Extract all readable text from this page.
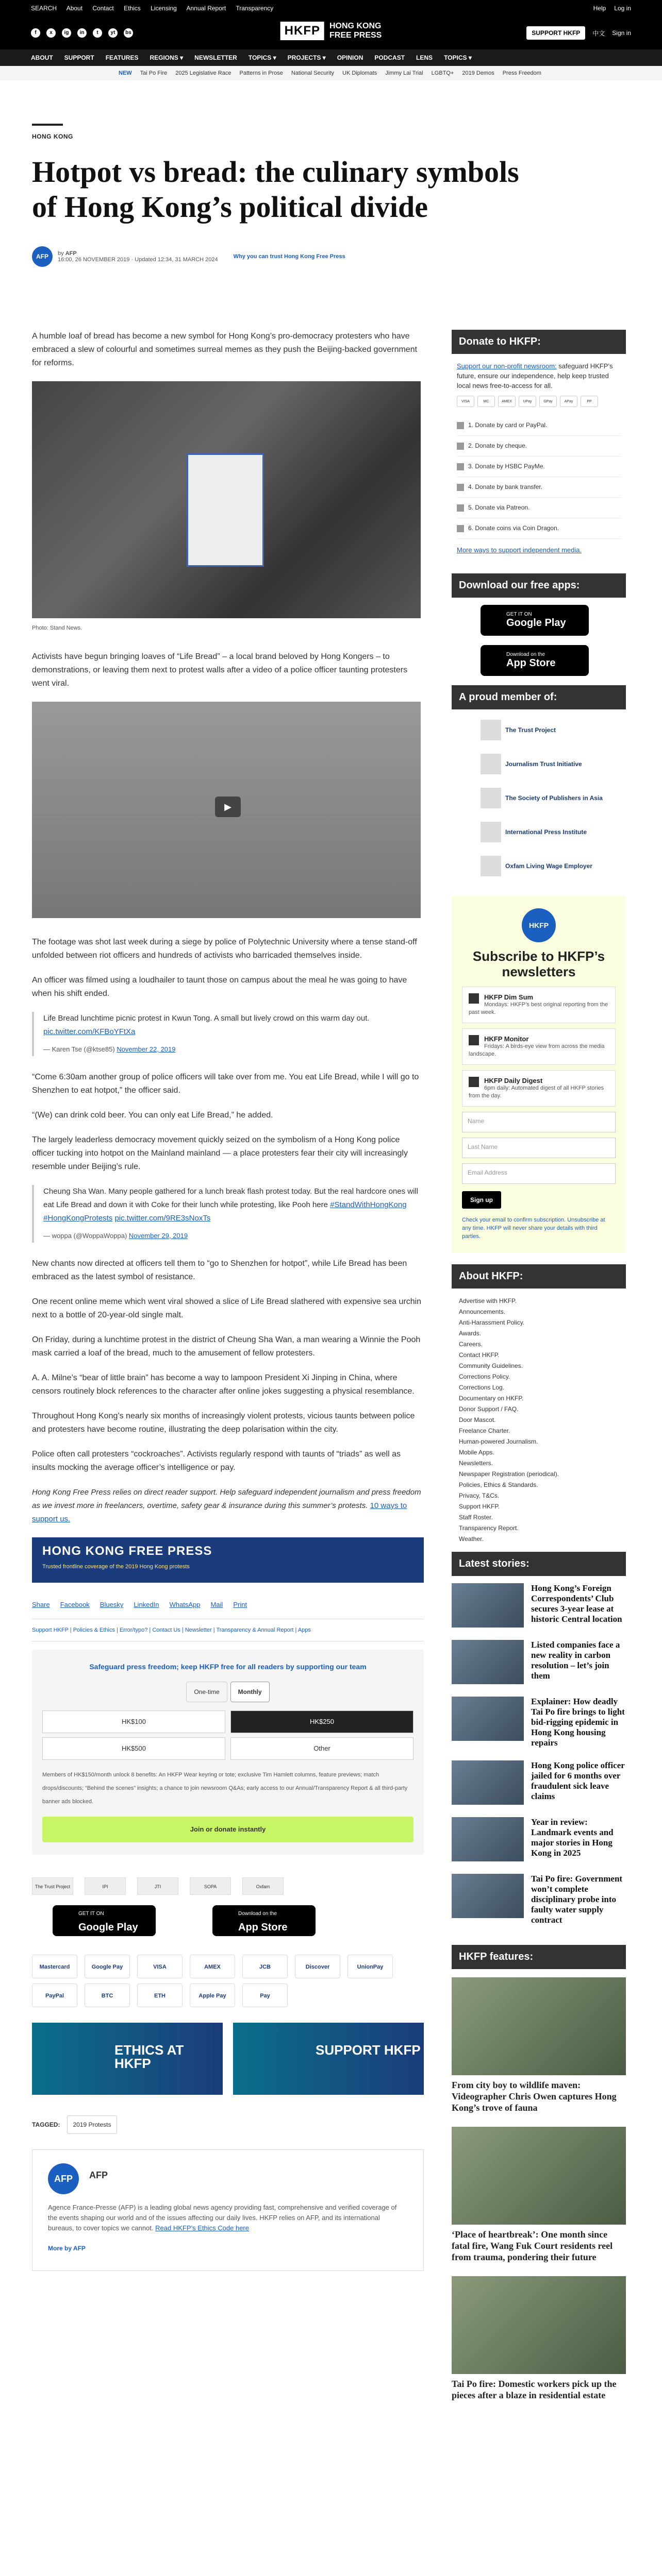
SEARCH About Contact Ethics Licensing Annual Report Transparency	Help Log in
f	x	ig	in	t	yt	bs	HKFP	HONG KONG
FREE PRESS	SUPPORT HKFP	中文 Sign in
ABOUT SUPPORT FEATURES REGIONS ▾ NEWSLETTER TOPICS ▾ PROJECTS ▾ OPINION PODCAST LENS TOPICS ▾
NEW Tai Po Fire 2025 Legislative Race Patterns in Prose National Security UK Diplomats Jimmy Lai Trial LGBTQ+ 2019 Demos Press Freedom
HONG KONG
Hotpot vs bread: the culinary symbols of Hong Kong’s political divide
AFP	by AFP
16:00, 26 NOVEMBER 2019 · Updated 12:34, 31 MARCH 2024	Why you can trust Hong Kong Free Press

A humble loaf of bread has become a new symbol for Hong Kong’s pro-democracy protesters who have embraced a slew of colourful and sometimes surreal memes as they push the Beijing-backed government for reforms.

Photo: Stand News.

Activists have begun bringing loaves of “Life Bread” – a local brand beloved by Hong Kongers – to demonstrations, or leaving them next to protest walls after a video of a police officer taunting protesters went viral.

▶

The footage was shot last week during a siege by police of Polytechnic University where a tense stand-off unfolded between riot officers and hundreds of activists who barricaded themselves inside.

An officer was filmed using a loudhailer to taunt those on campus about the meal he was going to have when his shift ended.

Life Bread lunchtime picnic protest in Kwun Tong. A small but lively crowd on this warm day out. pic.twitter.com/KFBoYFtXa
— Karen Tse (@ktse85) November 22, 2019

“Come 6:30am another group of police officers will take over from me. You eat Life Bread, while I will go to Shenzhen to eat hotpot,” the officer said.

“(We) can drink cold beer. You can only eat Life Bread,” he added.

The largely leaderless democracy movement quickly seized on the symbolism of a Hong Kong police officer tucking into hotpot on the Mainland mainland — a place protesters fear their city will increasingly resemble under Beijing’s rule.

Cheung Sha Wan. Many people gathered for a lunch break flash protest today. But the real hardcore ones will eat Life Bread and down it with Coke for their lunch while protesting, like Pooh here #StandWithHongKong #HongKongProtests pic.twitter.com/9RE3sNoxTs
— woppa (@WoppaWoppa) November 29, 2019

New chants now directed at officers tell them to “go to Shenzhen for hotpot”, while Life Bread has been embraced as the latest symbol of resistance.

One recent online meme which went viral showed a slice of Life Bread slathered with expensive sea urchin next to a bottle of 20-year-old single malt.

On Friday, during a lunchtime protest in the district of Cheung Sha Wan, a man wearing a Winnie the Pooh mask carried a loaf of the bread, much to the amusement of fellow protesters.

A. A. Milne’s “bear of little brain” has become a way to lampoon President Xi Jinping in China, where censors routinely block references to the character after online jokes suggesting a physical resemblance.

Throughout Hong Kong’s nearly six months of increasingly violent protests, vicious taunts between police and protesters have become routine, illustrating the deep polarisation within the city.

Police often call protesters “cockroaches”. Activists regularly respond with taunts of “triads” as well as insults mocking the average officer’s intelligence or pay.

Hong Kong Free Press relies on direct reader support. Help safeguard independent journalism and press freedom as we invest more in freelancers, overtime, safety gear & insurance during this summer’s protests. 10 ways to support us.

HONG KONG FREE PRESS
Trusted frontline coverage of the 2019 Hong Kong protests
Share Facebook Bluesky LinkedIn WhatsApp Mail Print
Support HKFP | Policies & Ethics | Error/typo? | Contact Us | Newsletter | Transparency & Annual Report | Apps
Safeguard press freedom; keep HKFP free for all readers by supporting our team
One-time	Monthly
HK$100	HK$250
HK$500	Other
Members of HK$150/month unlock 8 benefits: An HKFP Wear keyring or tote; exclusive Tim Hamlett columns, feature previews; match drops/discounts; “Behind the scenes” insights; a chance to join newsroom Q&As; early access to our Annual/Transparency Report & all third-party banner ads blocked.
Join or donate instantly
The Trust Project	IPI	JTI	SOPA	Oxfam
GET IT ON
Google Play
Download on the
App Store
Mastercard	Google Pay	VISA	AMEX	JCB	Discover	UnionPay
PayPal	BTC	ETH	Apple Pay	Pay
ETHICS AT HKFP
SUPPORT HKFP
TAGGED:	2019 Protests
AFP	AFP
Agence France-Presse (AFP) is a leading global news agency providing fast, comprehensive and verified coverage of the events shaping our world and of the issues affecting our daily lives. HKFP relies on AFP, and its international bureaus, to cover topics we cannot. Read HKFP’s Ethics Code here
More by AFP
Donate to HKFP:
Support our non-profit newsroom: safeguard HKFP’s future, ensure our independence, help keep trusted local news free-to-access for all.
VISA	MC	AMEX	UPay	GPay	APay	PP
1. Donate by card or PayPal.
2. Donate by cheque.
3. Donate by HSBC PayMe.
4. Donate by bank transfer.
5. Donate via Patreon.
6. Donate coins via Coin Dragon.
More ways to support independent media.
Download our free apps:
GET IT ON
Google Play
Download on the
App Store
A proud member of:
The Trust Project
Journalism Trust Initiative
The Society of Publishers in Asia
International Press Institute
Oxfam Living Wage Employer
HKFP
Subscribe to HKFP’s newsletters
HKFP Dim Sum
Mondays: HKFP’s best original reporting from the past week.
HKFP Monitor
Fridays: A birds-eye view from across the media landscape.
HKFP Daily Digest
6pm daily: Automated digest of all HKFP stories from the day.
Name
Last Name
Email Address
Sign up
Check your email to confirm subscription. Unsubscribe at any time. HKFP will never share your details with third parties.
About HKFP:
Advertise with HKFP.
Announcements.
Anti-Harassment Policy.
Awards.
Careers.
Contact HKFP.
Community Guidelines.
Corrections Policy.
Corrections Log.
Documentary on HKFP.
Donor Support / FAQ.
Door Mascot.
Freelance Charter.
Human-powered Journalism.
Mobile Apps.
Newsletters.
Newspaper Registration (periodical).
Policies, Ethics & Standards.
Privacy, T&Cs.
Support HKFP.
Staff Roster.
Transparency Report.
Weather.
Latest stories:
Hong Kong’s Foreign Correspondents’ Club secures 3-year lease at historic Central location
Listed companies face a new reality in carbon resolution – let’s join them
Explainer: How deadly Tai Po fire brings to light bid-rigging epidemic in Hong Kong housing repairs
Hong Kong police officer jailed for 6 months over fraudulent sick leave claims
Year in review: Landmark events and major stories in Hong Kong in 2025
Tai Po fire: Government won’t complete disciplinary probe into faulty water supply contract
HKFP features:
From city boy to wildlife maven: Videographer Chris Owen captures Hong Kong’s trove of fauna
‘Place of heartbreak’: One month since fatal fire, Wang Fuk Court residents reel from trauma, pondering their future
Tai Po fire: Domestic workers pick up the pieces after a blaze in residential estate
